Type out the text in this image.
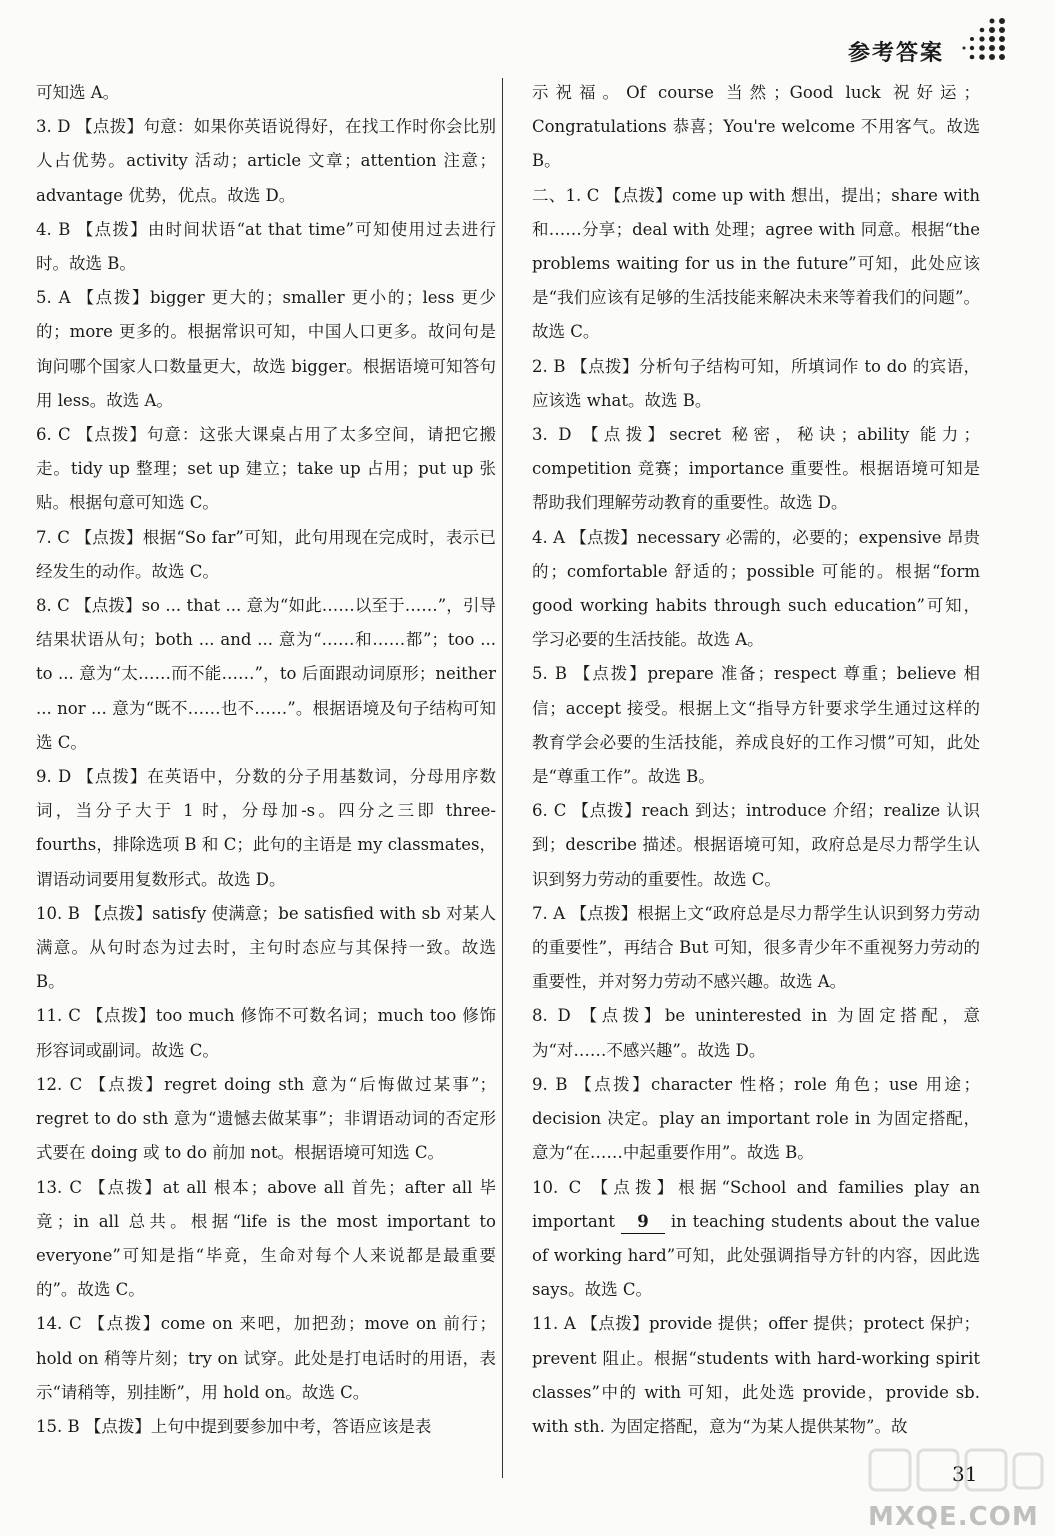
参考答案

可知选 A。

3. D 【点拨】句意：如果你英语说得好，在找工作时你会比别人占优势。activity 活动；article 文章；attention 注意；advantage 优势，优点。故选 D。

4. B 【点拨】由时间状语“at that time”可知使用过去进行时。故选 B。

5. A 【点拨】bigger 更大的；smaller 更小的；less 更少的；more 更多的。根据常识可知，中国人口更多。故问句是询问哪个国家人口数量更大，故选 bigger。根据语境可知答句用 less。故选 A。

6. C 【点拨】句意：这张大课桌占用了太多空间，请把它搬走。tidy up 整理；set up 建立；take up 占用；put up 张贴。根据句意可知选 C。

7. C 【点拨】根据“So far”可知，此句用现在完成时，表示已经发生的动作。故选 C。

8. C 【点拨】so ... that ... 意为“如此……以至于……”，引导结果状语从句；both ... and ... 意为“……和……都”；too ... to ... 意为“太……而不能……”，to 后面跟动词原形；neither ... nor ... 意为“既不……也不……”。根据语境及句子结构可知选 C。

9. D 【点拨】在英语中，分数的分子用基数词，分母用序数词，当分子大于 1 时，分母加-s。四分之三即 three-fourths，排除选项 B 和 C；此句的主语是 my classmates，谓语动词要用复数形式。故选 D。

10. B 【点拨】satisfy 使满意；be satisfied with sb 对某人满意。从句时态为过去时，主句时态应与其保持一致。故选 B。

11. C 【点拨】too much 修饰不可数名词；much too 修饰形容词或副词。故选 C。

12. C 【点拨】regret doing sth 意为“后悔做过某事”；regret to do sth 意为“遗憾去做某事”；非谓语动词的否定形式要在 doing 或 to do 前加 not。根据语境可知选 C。

13. C 【点拨】at all 根本；above all 首先；after all 毕竟；in all 总共。根据“life is the most important to everyone”可知是指“毕竟，生命对每个人来说都是最重要的”。故选 C。

14. C 【点拨】come on 来吧，加把劲；move on 前行；hold on 稍等片刻；try on 试穿。此处是打电话时的用语，表示“请稍等，别挂断”，用 hold on。故选 C。

15. B 【点拨】上句中提到要参加中考，答语应该是表

示祝福。Of course 当然；Good luck 祝好运；Congratulations 恭喜；You're welcome 不用客气。故选 B。

二、1. C 【点拨】come up with 想出，提出；share with 和……分享；deal with 处理；agree with 同意。根据“the problems waiting for us in the future”可知，此处应该是“我们应该有足够的生活技能来解决未来等着我们的问题”。故选 C。

2. B 【点拨】分析句子结构可知，所填词作 to do 的宾语，应该选 what。故选 B。

3. D 【点拨】secret 秘密，秘诀；ability 能力；competition 竞赛；importance 重要性。根据语境可知是帮助我们理解劳动教育的重要性。故选 D。

4. A 【点拨】necessary 必需的，必要的；expensive 昂贵的；comfortable 舒适的；possible 可能的。根据“form good working habits through such education”可知，学习必要的生活技能。故选 A。

5. B 【点拨】prepare 准备；respect 尊重；believe 相信；accept 接受。根据上文“指导方针要求学生通过这样的教育学会必要的生活技能，养成良好的工作习惯”可知，此处是“尊重工作”。故选 B。

6. C 【点拨】reach 到达；introduce 介绍；realize 认识到；describe 描述。根据语境可知，政府总是尽力帮学生认识到努力劳动的重要性。故选 C。

7. A 【点拨】根据上文“政府总是尽力帮学生认识到努力劳动的重要性”，再结合 But 可知，很多青少年不重视努力劳动的重要性，并对努力劳动不感兴趣。故选 A。

8. D 【点拨】be uninterested in 为固定搭配，意为“对……不感兴趣”。故选 D。

9. B 【点拨】character 性格；role 角色；use 用途；decision 决定。play an important role in 为固定搭配，意为“在……中起重要作用”。故选 B。

10. C 【点拨】根据“School and families play an important 9 in teaching students about the value of working hard”可知，此处强调指导方针的内容，因此选 says。故选 C。

11. A 【点拨】provide 提供；offer 提供；protect 保护；prevent 阻止。根据“students with hard-working spirit classes”中的 with 可知，此处选 provide，provide sb. with sth. 为固定搭配，意为“为某人提供某物”。故

31
MXQE.COM
